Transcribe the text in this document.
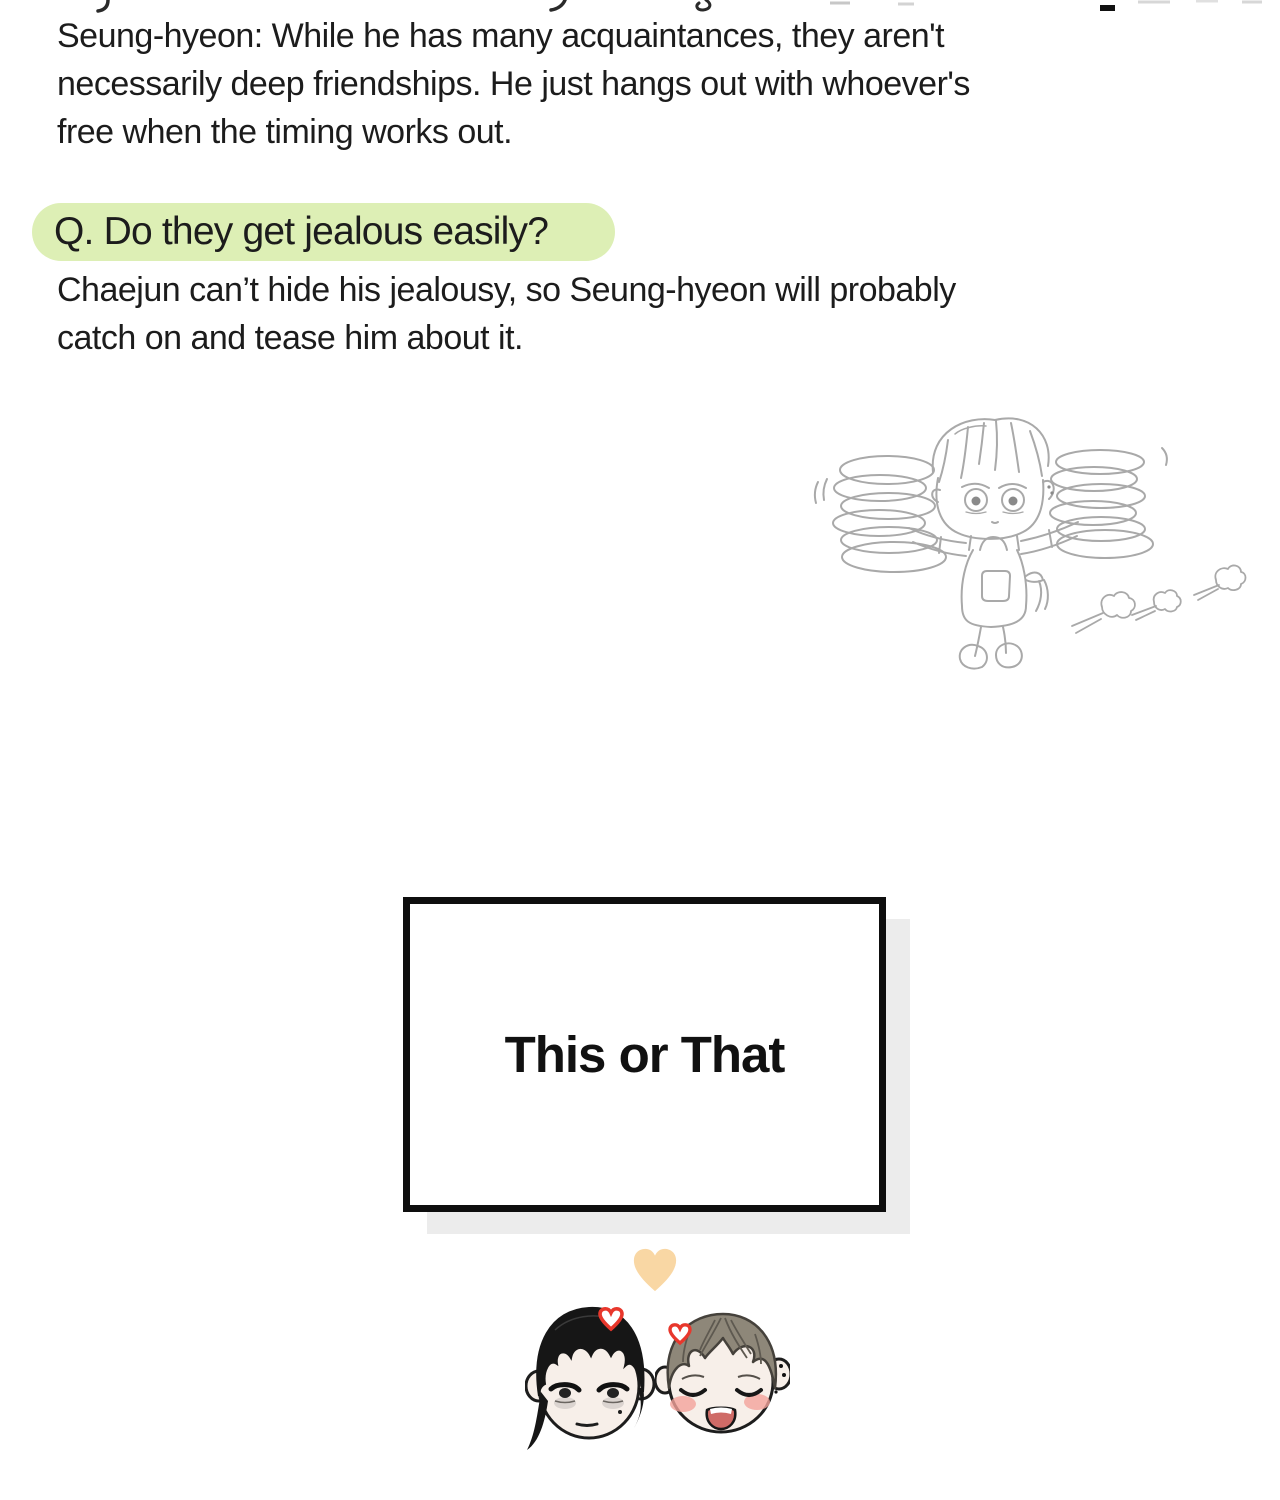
Seung-hyeon: While he has many acquaintances, they aren't
necessarily deep friendships. He just hangs out with whoever's
free when the timing works out.
Q. Do they get jealous easily?
Chaejun can’t hide his jealousy, so Seung-hyeon will probably
catch on and tease him about it.
This or That
